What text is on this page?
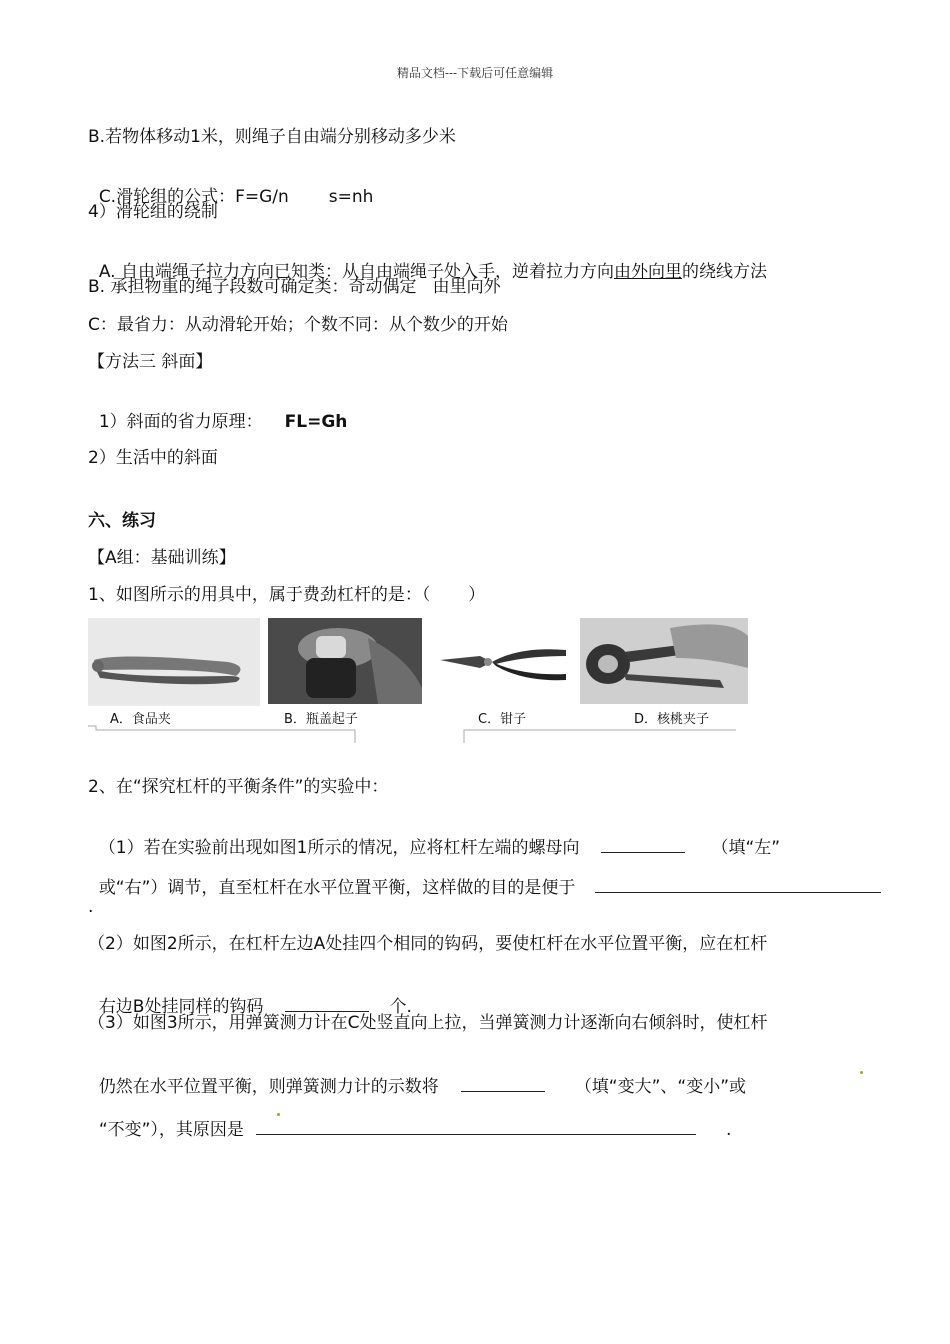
精品文档---下载后可任意编辑
B.若物体移动1米，则绳子自由端分别移动多少米

C.滑轮组的公式：F=G/n s=nh

4）滑轮组的绕制

A. 自由端绳子拉力方向已知类：从自由端绳子处入手，逆着拉力方向由外向里的绕线方法

B. 承担物重的绳子段数可确定类：奇动偶定   由里向外
C：最省力：从动滑轮开始；个数不同：从个数少的开始
【方法三 斜面】

1）斜面的省力原理： FL=Gh

2）生活中的斜面
六、练习
【A组：基础训练】
1、如图所示的用具中，属于费劲杠杆的是：（       ）
A．食品夹	B．瓶盖起子	C．钳子	D．核桃夹子
2、在“探究杠杆的平衡条件”的实验中：

（1）若在实验前出现如图1所示的情况，应将杠杆左端的螺母向	（填“左”

或“右”）调节，直至杠杆在水平位置平衡，这样做的目的是便于

.
（2）如图2所示，在杠杆左边A处挂四个相同的钩码，要使杠杆在水平位置平衡，应在杠杆

右边B处挂同样的钩码	个.

（3）如图3所示，用弹簧测力计在C处竖直向上拉，当弹簧测力计逐渐向右倾斜时，使杠杆

仍然在水平位置平衡，则弹簧测力计的示数将	（填“变大”、“变小”或

“不变”），其原因是	.
